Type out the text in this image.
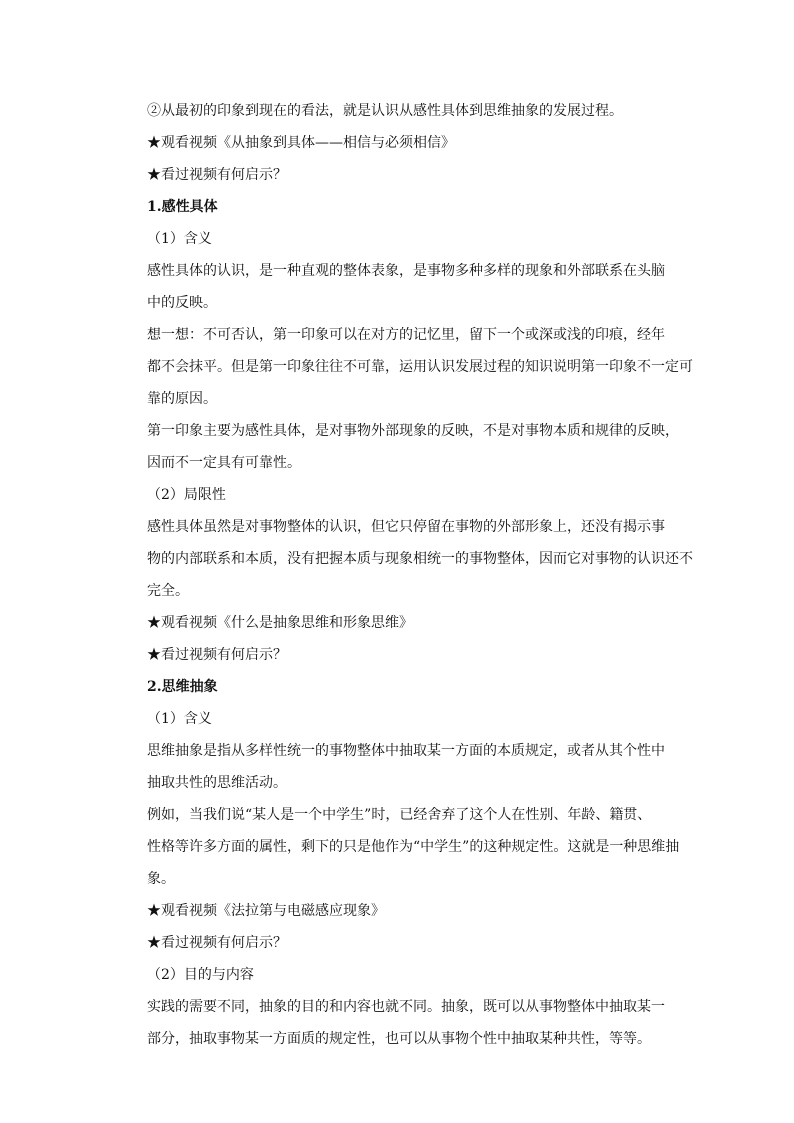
②从最初的印象到现在的看法，就是认识从感性具体到思维抽象的发展过程。

★观看视频《从抽象到具体——相信与必须相信》

★看过视频有何启示？

1.感性具体

（1）含义

感性具体的认识，是一种直观的整体表象，是事物多种多样的现象和外部联系在头脑
中的反映。

想一想：不可否认，第一印象可以在对方的记忆里，留下一个或深或浅的印痕，经年
都不会抹平。但是第一印象往往不可靠，运用认识发展过程的知识说明第一印象不一定可
靠的原因。

第一印象主要为感性具体，是对事物外部现象的反映，不是对事物本质和规律的反映，
因而不一定具有可靠性。

（2）局限性

感性具体虽然是对事物整体的认识，但它只停留在事物的外部形象上，还没有揭示事
物的内部联系和本质，没有把握本质与现象相统一的事物整体，因而它对事物的认识还不
完全。

★观看视频《什么是抽象思维和形象思维》

★看过视频有何启示？

2.思维抽象

（1）含义

思维抽象是指从多样性统一的事物整体中抽取某一方面的本质规定，或者从其个性中
抽取共性的思维活动。

例如，当我们说“某人是一个中学生”时，已经舍弃了这个人在性别、年龄、籍贯、
性格等许多方面的属性，剩下的只是他作为“中学生”的这种规定性。这就是一种思维抽
象。

★观看视频《法拉第与电磁感应现象》

★看过视频有何启示？

（2）目的与内容

实践的需要不同，抽象的目的和内容也就不同。抽象，既可以从事物整体中抽取某一
部分，抽取事物某一方面质的规定性，也可以从事物个性中抽取某种共性，等等。
